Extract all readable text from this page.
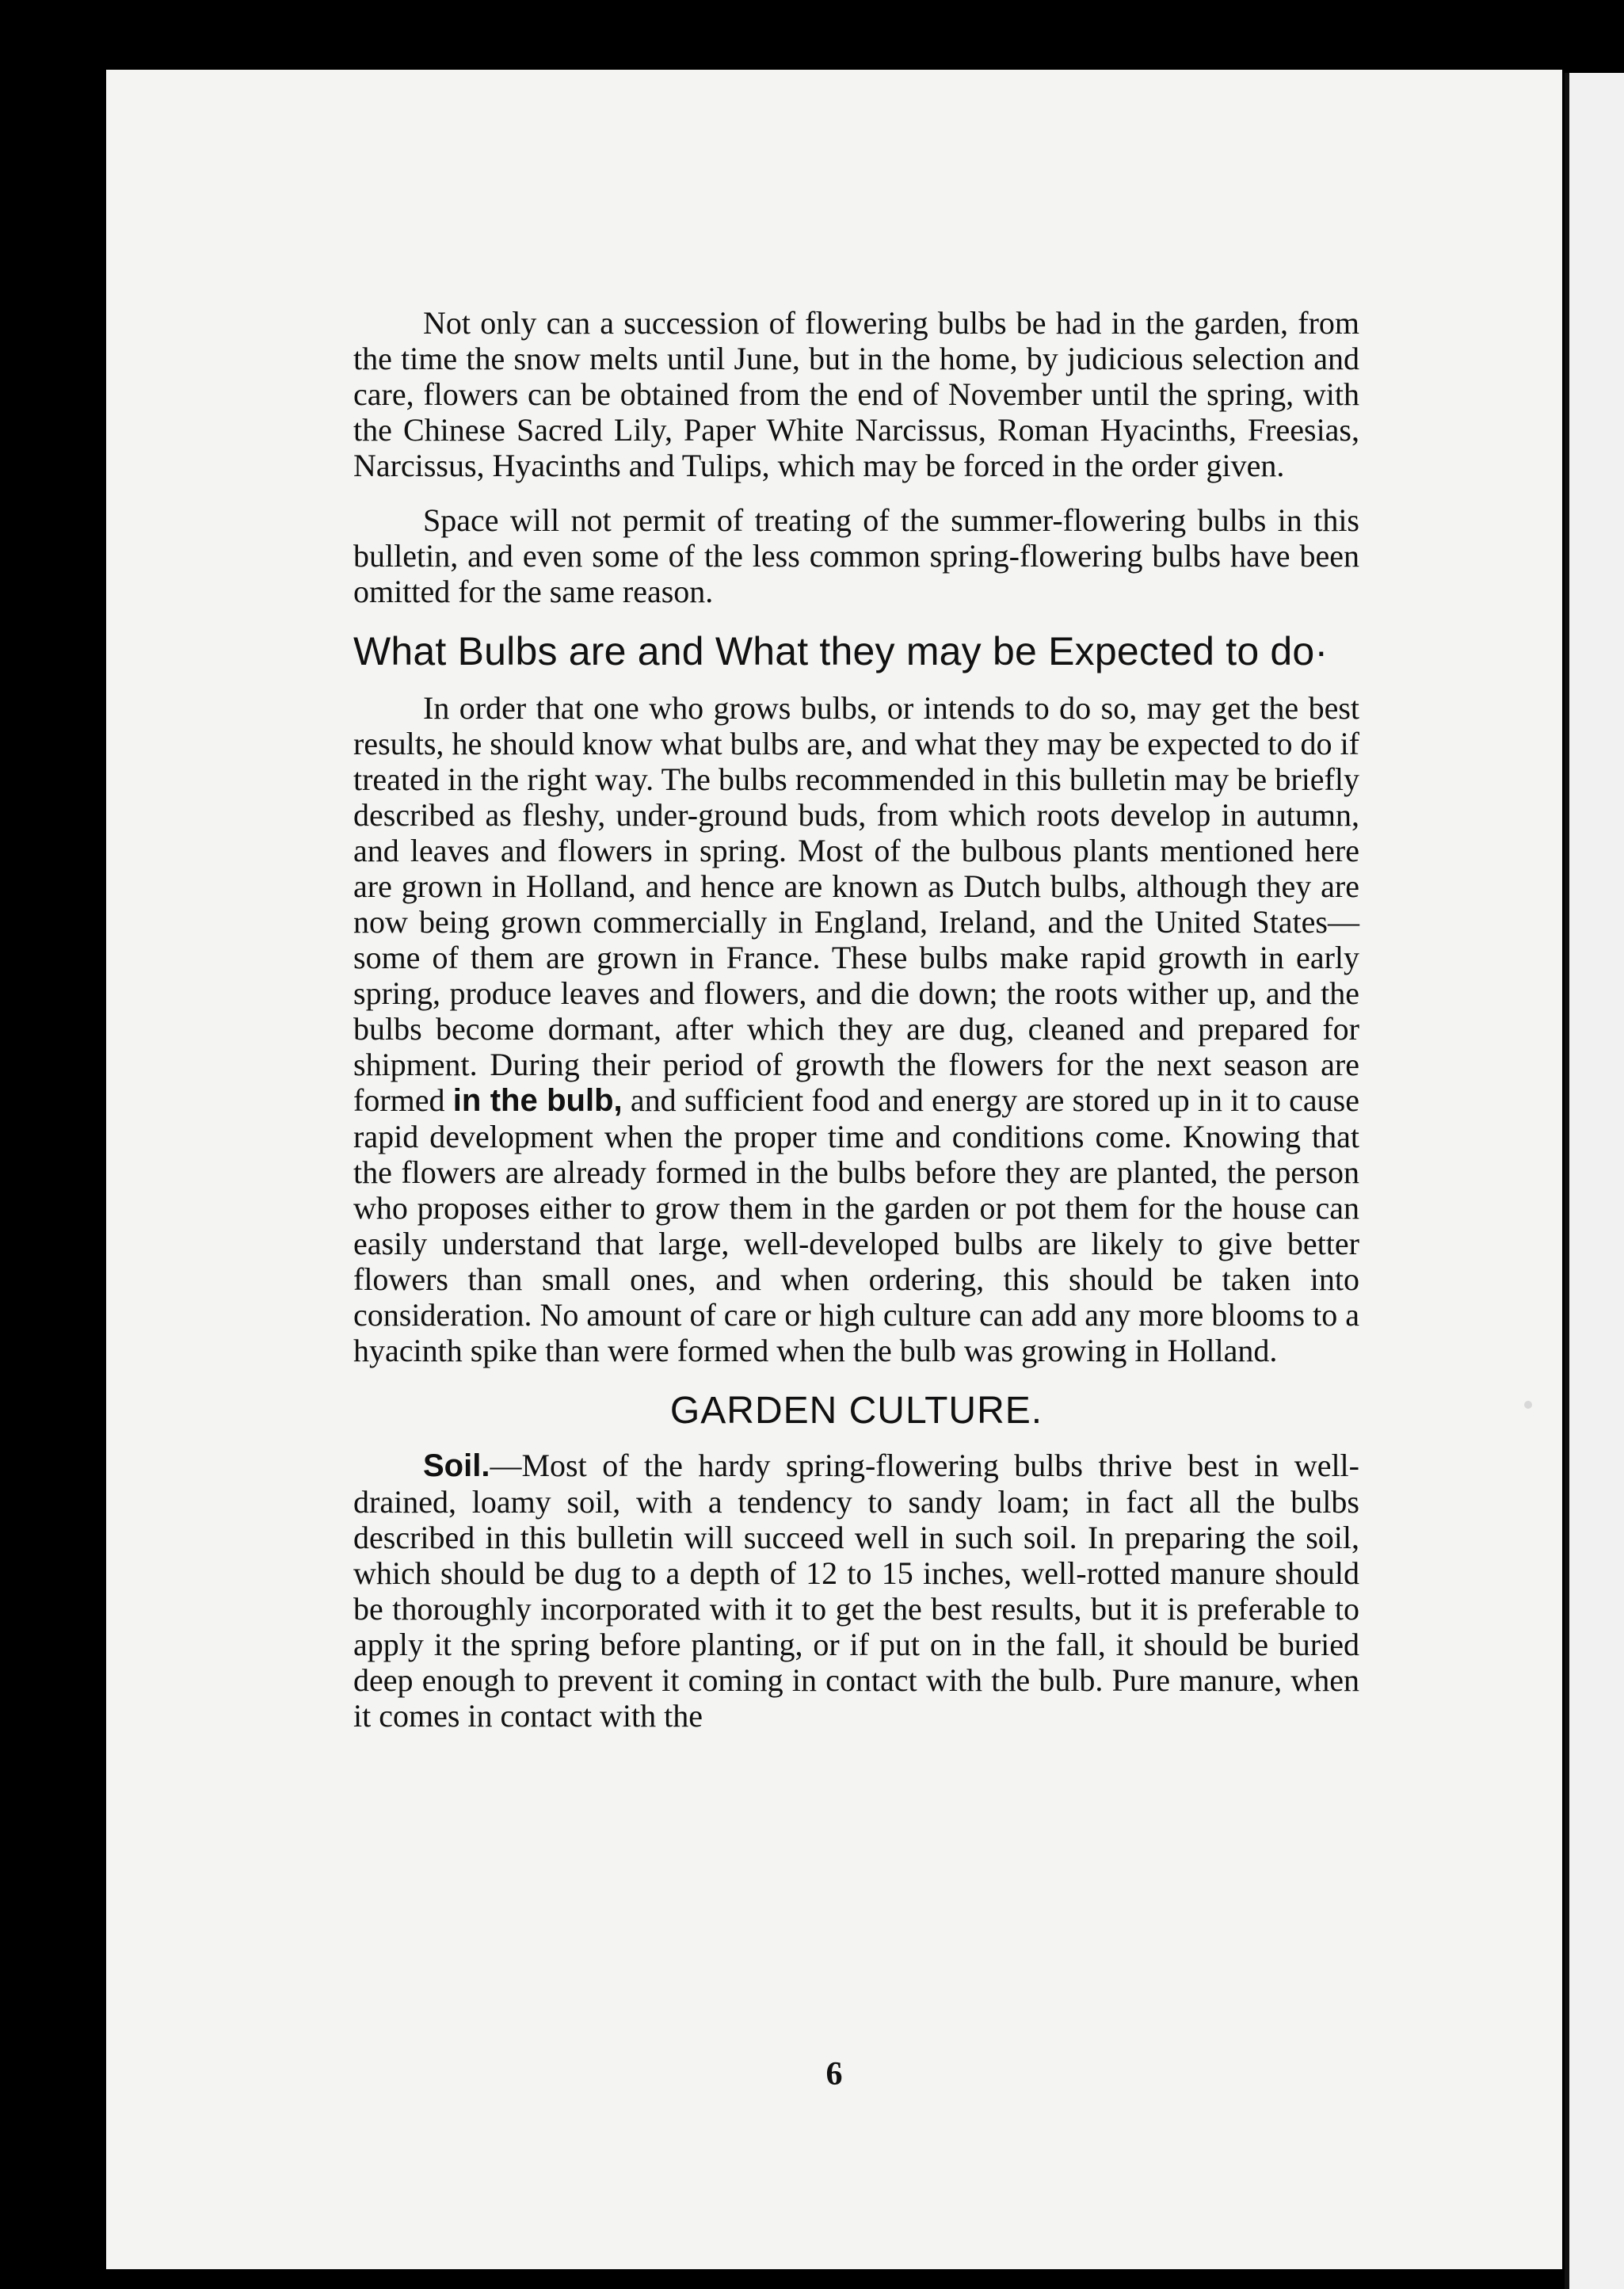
6

Not only can a succession of flowering bulbs be had in the garden, from the time the snow melts until June, but in the home, by judicious selection and care, flowers can be obtained from the end of November until the spring, with the Chinese Sacred Lily, Paper White Narcissus, Roman Hyacinths, Freesias, Narcissus, Hyacinths and Tulips, which may be forced in the order given.

Space will not permit of treating of the summer-flowering bulbs in this bulletin, and even some of the less common spring-flowering bulbs have been omitted for the same reason.

What Bulbs are and What they may be Expected to do·

In order that one who grows bulbs, or intends to do so, may get the best results, he should know what bulbs are, and what they may be expected to do if treated in the right way. The bulbs recommended in this bulletin may be briefly described as fleshy, under-ground buds, from which roots develop in autumn, and leaves and flowers in spring. Most of the bulbous plants mentioned here are grown in Holland, and hence are known as Dutch bulbs, although they are now being grown commercially in England, Ireland, and the United States—some of them are grown in France. These bulbs make rapid growth in early spring, produce leaves and flowers, and die down; the roots wither up, and the bulbs become dormant, after which they are dug, cleaned and prepared for shipment. During their period of growth the flowers for the next season are formed in the bulb, and sufficient food and energy are stored up in it to cause rapid development when the proper time and conditions come. Knowing that the flowers are already formed in the bulbs before they are planted, the person who proposes either to grow them in the garden or pot them for the house can easily understand that large, well-developed bulbs are likely to give better flowers than small ones, and when ordering, this should be taken into consideration. No amount of care or high culture can add any more blooms to a hyacinth spike than were formed when the bulb was growing in Holland.

GARDEN CULTURE.

Soil.—Most of the hardy spring-flowering bulbs thrive best in well-drained, loamy soil, with a tendency to sandy loam; in fact all the bulbs described in this bulletin will succeed well in such soil. In preparing the soil, which should be dug to a depth of 12 to 15 inches, well-rotted manure should be thoroughly incorporated with it to get the best results, but it is preferable to apply it the spring before planting, or if put on in the fall, it should be buried deep enough to prevent it coming in contact with the bulb. Pure manure, when it comes in contact with the
